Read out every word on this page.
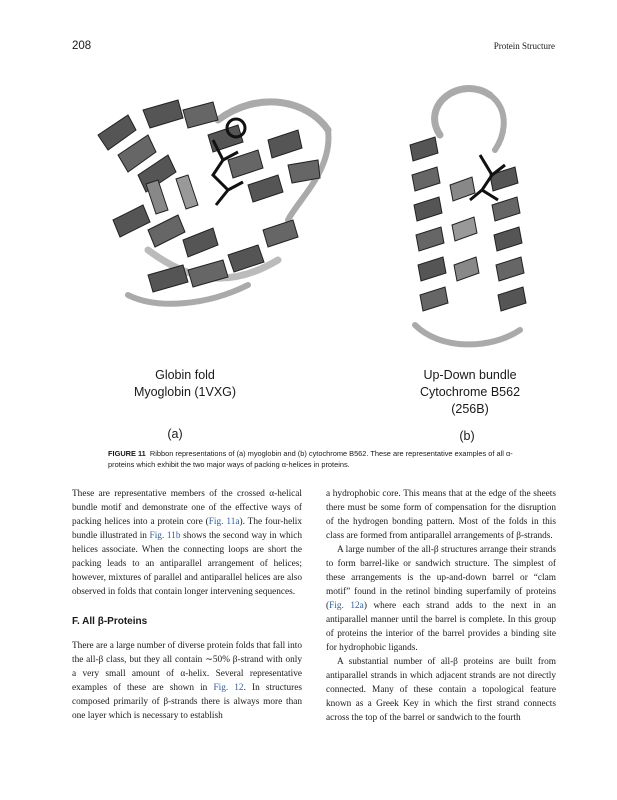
208	Protein Structure
Globin fold
Myoglobin (1VXG)
Up-Down bundle
Cytochrome B562
(256B)
(a)	(b)
FIGURE 11 Ribbon representations of (a) myoglobin and (b) cytochrome B562. These are representative examples of all α-proteins which exhibit the two major ways of packing α-helices in proteins.

These are representative members of the crossed α-helical bundle motif and demonstrate one of the effective ways of packing helices into a protein core (Fig. 11a). The four-helix bundle illustrated in Fig. 11b shows the second way in which helices associate. When the connecting loops are short the packing leads to an antiparallel arrangement of helices; however, mixtures of parallel and antiparallel helices are also observed in folds that contain longer intervening sequences.

F. All β-Proteins

There are a large number of diverse protein folds that fall into the all-β class, but they all contain ∼50% β-strand with only a very small amount of α-helix. Several representative examples of these are shown in Fig. 12. In structures composed primarily of β-strands there is always more than one layer which is necessary to establish

a hydrophobic core. This means that at the edge of the sheets there must be some form of compensation for the disruption of the hydrogen bonding pattern. Most of the folds in this class are formed from antiparallel arrangements of β-strands.

A large number of the all-β structures arrange their strands to form barrel-like or sandwich structure. The simplest of these arrangements is the up-and-down barrel or “clam motif” found in the retinol binding superfamily of proteins (Fig. 12a) where each strand adds to the next in an antiparallel manner until the barrel is complete. In this group of proteins the interior of the barrel provides a binding site for hydrophobic ligands.

A substantial number of all-β proteins are built from antiparallel strands in which adjacent strands are not directly connected. Many of these contain a topological feature known as a Greek Key in which the first strand connects across the top of the barrel or sandwich to the fourth
